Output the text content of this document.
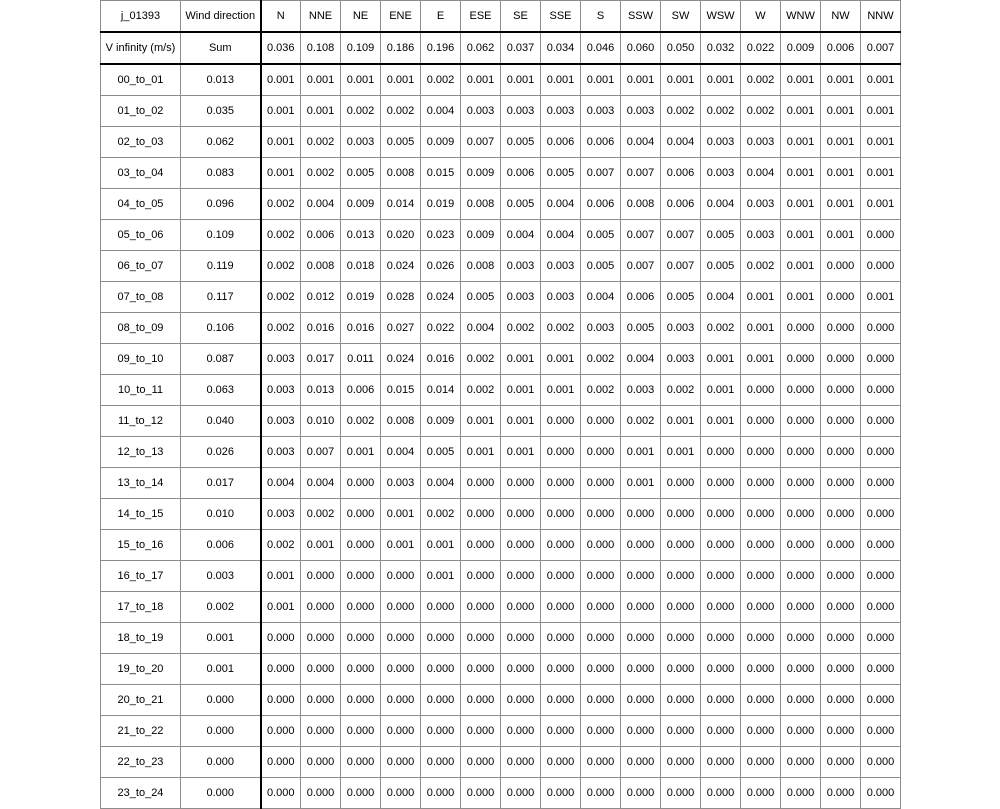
j_01393	Wind direction	N	NNE	NE	ENE	E	ESE	SE	SSE	S	SSW	SW	WSW	W	WNW	NW	NNW
V infinity (m/s)	Sum	0.036	0.108	0.109	0.186	0.196	0.062	0.037	0.034	0.046	0.060	0.050	0.032	0.022	0.009	0.006	0.007
00_to_01	0.013	0.001	0.001	0.001	0.001	0.002	0.001	0.001	0.001	0.001	0.001	0.001	0.001	0.002	0.001	0.001	0.001
01_to_02	0.035	0.001	0.001	0.002	0.002	0.004	0.003	0.003	0.003	0.003	0.003	0.002	0.002	0.002	0.001	0.001	0.001
02_to_03	0.062	0.001	0.002	0.003	0.005	0.009	0.007	0.005	0.006	0.006	0.004	0.004	0.003	0.003	0.001	0.001	0.001
03_to_04	0.083	0.001	0.002	0.005	0.008	0.015	0.009	0.006	0.005	0.007	0.007	0.006	0.003	0.004	0.001	0.001	0.001
04_to_05	0.096	0.002	0.004	0.009	0.014	0.019	0.008	0.005	0.004	0.006	0.008	0.006	0.004	0.003	0.001	0.001	0.001
05_to_06	0.109	0.002	0.006	0.013	0.020	0.023	0.009	0.004	0.004	0.005	0.007	0.007	0.005	0.003	0.001	0.001	0.000
06_to_07	0.119	0.002	0.008	0.018	0.024	0.026	0.008	0.003	0.003	0.005	0.007	0.007	0.005	0.002	0.001	0.000	0.000
07_to_08	0.117	0.002	0.012	0.019	0.028	0.024	0.005	0.003	0.003	0.004	0.006	0.005	0.004	0.001	0.001	0.000	0.001
08_to_09	0.106	0.002	0.016	0.016	0.027	0.022	0.004	0.002	0.002	0.003	0.005	0.003	0.002	0.001	0.000	0.000	0.000
09_to_10	0.087	0.003	0.017	0.011	0.024	0.016	0.002	0.001	0.001	0.002	0.004	0.003	0.001	0.001	0.000	0.000	0.000
10_to_11	0.063	0.003	0.013	0.006	0.015	0.014	0.002	0.001	0.001	0.002	0.003	0.002	0.001	0.000	0.000	0.000	0.000
11_to_12	0.040	0.003	0.010	0.002	0.008	0.009	0.001	0.001	0.000	0.000	0.002	0.001	0.001	0.000	0.000	0.000	0.000
12_to_13	0.026	0.003	0.007	0.001	0.004	0.005	0.001	0.001	0.000	0.000	0.001	0.001	0.000	0.000	0.000	0.000	0.000
13_to_14	0.017	0.004	0.004	0.000	0.003	0.004	0.000	0.000	0.000	0.000	0.001	0.000	0.000	0.000	0.000	0.000	0.000
14_to_15	0.010	0.003	0.002	0.000	0.001	0.002	0.000	0.000	0.000	0.000	0.000	0.000	0.000	0.000	0.000	0.000	0.000
15_to_16	0.006	0.002	0.001	0.000	0.001	0.001	0.000	0.000	0.000	0.000	0.000	0.000	0.000	0.000	0.000	0.000	0.000
16_to_17	0.003	0.001	0.000	0.000	0.000	0.001	0.000	0.000	0.000	0.000	0.000	0.000	0.000	0.000	0.000	0.000	0.000
17_to_18	0.002	0.001	0.000	0.000	0.000	0.000	0.000	0.000	0.000	0.000	0.000	0.000	0.000	0.000	0.000	0.000	0.000
18_to_19	0.001	0.000	0.000	0.000	0.000	0.000	0.000	0.000	0.000	0.000	0.000	0.000	0.000	0.000	0.000	0.000	0.000
19_to_20	0.001	0.000	0.000	0.000	0.000	0.000	0.000	0.000	0.000	0.000	0.000	0.000	0.000	0.000	0.000	0.000	0.000
20_to_21	0.000	0.000	0.000	0.000	0.000	0.000	0.000	0.000	0.000	0.000	0.000	0.000	0.000	0.000	0.000	0.000	0.000
21_to_22	0.000	0.000	0.000	0.000	0.000	0.000	0.000	0.000	0.000	0.000	0.000	0.000	0.000	0.000	0.000	0.000	0.000
22_to_23	0.000	0.000	0.000	0.000	0.000	0.000	0.000	0.000	0.000	0.000	0.000	0.000	0.000	0.000	0.000	0.000	0.000
23_to_24	0.000	0.000	0.000	0.000	0.000	0.000	0.000	0.000	0.000	0.000	0.000	0.000	0.000	0.000	0.000	0.000	0.000
